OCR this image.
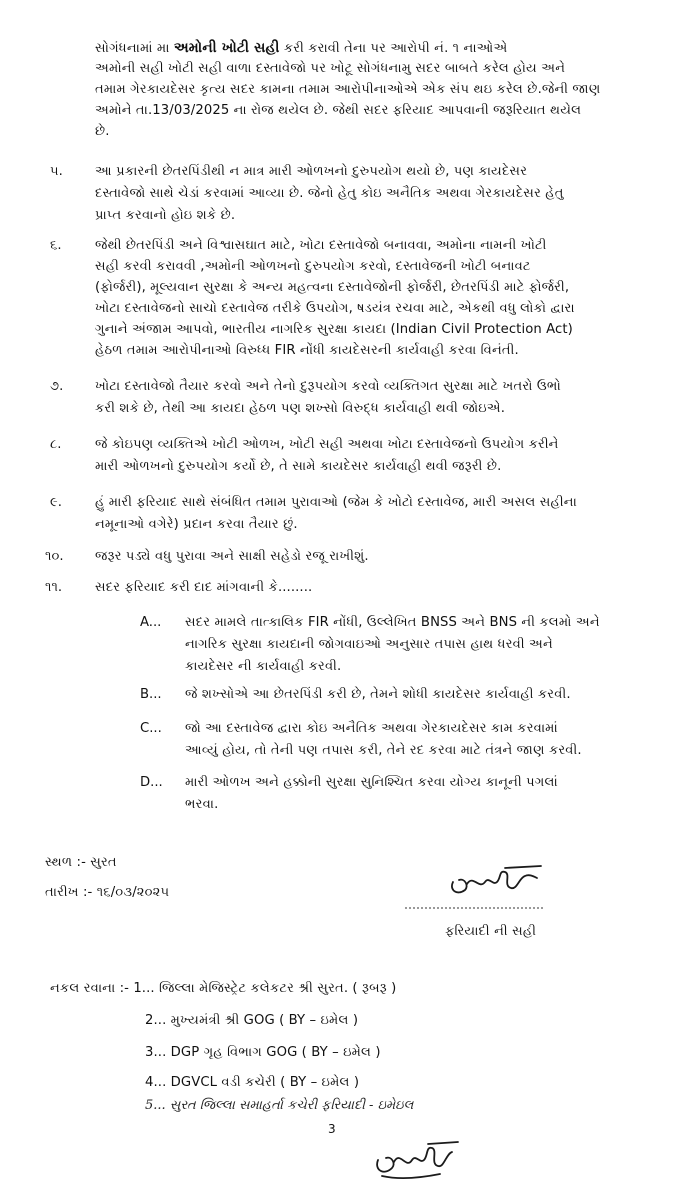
સોગંધનામાં મા અમોની ખોટી સહી કરી કરાવી તેના પર આરોપી નં. ૧ નાઓએ
અમોની સહી ખોટી સહી વાળા દસ્તાવેજો પર ખોટૂ સોગંધનામુ સદર બાબતે કરેલ હોય અને
તમામ ગેરકાયદેસર કૃત્ય સદર કામના તમામ આરોપીનાઓએ એક સંપ થઇ કરેલ છે.જેની જાણ
અમોને તા.13/03/2025 ના રોજ થયેલ છે. જેથી સદર ફરિયાદ આપવાની જરૂરિયાત થયેલ
છે.
૫. આ પ્રકારની છેતરપિંડીથી ન માત્ર મારી ઓળખનો દુરુપયોગ થયો છે, પણ કાયદેસર
દસ્તાવેજો સાથે ચેડાં કરવામાં આવ્યા છે. જેનો હેતુ કોઇ અનૈતિક અથવા ગેરકાયદેસર હેતુ
પ્રાપ્ત કરવાનો હોઇ શકે છે.
૬.	જેથી છેતરપિંડી અને વિશ્વાસઘાત માટે, ખોટા દસ્તાવેજો બનાવવા, અમોના નામની ખોટી
સહી કરવી કરાવવી ,અમોની ઓળખનો દુરુપયોગ કરવો, દસ્તાવેજની ખોટી બનાવટ
(ફોર્જરી), મૂલ્યવાન સુરક્ષા કે અન્ય મહત્વના દસ્તાવેજોની ફોર્જરી, છેતરપિંડી માટે ફોર્જરી,
ખોટા દસ્તાવેજનો સાચો દસ્તાવેજ તરીકે ઉપયોગ, ષડયંત્ર રચવા માટે, એકથી વધુ લોકો દ્વારા
ગુનાને અંજામ આપવો, ભારતીય નાગરિક સુરક્ષા કાયદા (Indian Civil Protection Act)
હેઠળ તમામ આરોપીનાઓ વિરુધ્ધ FIR નોંધી કાયદેસરની કાર્યવાહી કરવા વિનંતી.
૭. ખોટા દસ્તાવેજો તૈયાર કરવો અને તેનો દુરૂપયોગ કરવો વ્યક્તિગત સુરક્ષા માટે ખતરો ઉભો
કરી શકે છે, તેથી આ કાયદા હેઠળ પણ શખ્સો વિરુદ્ધ કાર્યવાહી થવી જોઇએ.
૮.	જે કોઇપણ વ્યક્તિએ ખોટી ઓળખ, ખોટી સહી અથવા ખોટા દસ્તાવેજનો ઉપયોગ કરીને
મારી ઓળખનો દુરુપયોગ કર્યો છે, તે સામે કાયદેસર કાર્યવાહી થવી જરૂરી છે.
૯.	હું મારી ફરિયાદ સાથે સંબંધિત તમામ પુરાવાઓ (જેમ કે ખોટો દસ્તાવેજ, મારી અસલ સહીના
નમૂનાઓ વગેરે) પ્રદાન કરવા તૈયાર છું.
૧૦. જરૂર પડ્યે વધુ પુરાવા અને સાક્ષી સહેડો રજૂ રાખીશું.
૧૧. સદર ફરિયાદ કરી દાદ માંગવાની કે........
A... સદર મામલે તાત્કાલિક FIR નોંધી, ઉલ્લેખિત BNSS અને BNS ની કલમો અને
નાગરિક સુરક્ષા કાયદાની જોગવાઇઓ અનુસાર તપાસ હાથ ધરવી અને
કાયદેસર ની કાર્યવાહી કરવી.
B... જે શખ્સોએ આ છેતરપિંડી કરી છે, તેમને શોધી કાયદેસર કાર્યવાહી કરવી.
C... જો આ દસ્તાવેજ દ્વારા કોઇ અનૈતિક અથવા ગેરકાયદેસર કામ કરવામાં
આવ્યું હોય, તો તેની પણ તપાસ કરી, તેને રદ કરવા માટે તંત્રને જાણ કરવી.
D... મારી ઓળખ અને હક્કોની સુરક્ષા સુનિશ્ચિત કરવા યોગ્ય કાનૂની પગલાં
ભરવા.
સ્થળ :- સુરત
તારીખ :- ૧૬/૦૩/૨૦૨૫
ફરિયાદી ની સહી
નકલ રવાના :- 1... જિલ્લા મેજિસ્ટ્રેટ કલેકટર શ્રી સુરત. ( રૂબરૂ )
2... મુખ્યમંત્રી શ્રી GOG ( BY – ઇમેલ )
3... DGP ગૃહ વિભાગ GOG ( BY – ઇમેલ )
4... DGVCL વડી કચેરી ( BY – ઇમેલ )
5... સુરત જિલ્લા સમાહર્તા કચેરી ફરિયાદી - ઇમેઇલ
3
